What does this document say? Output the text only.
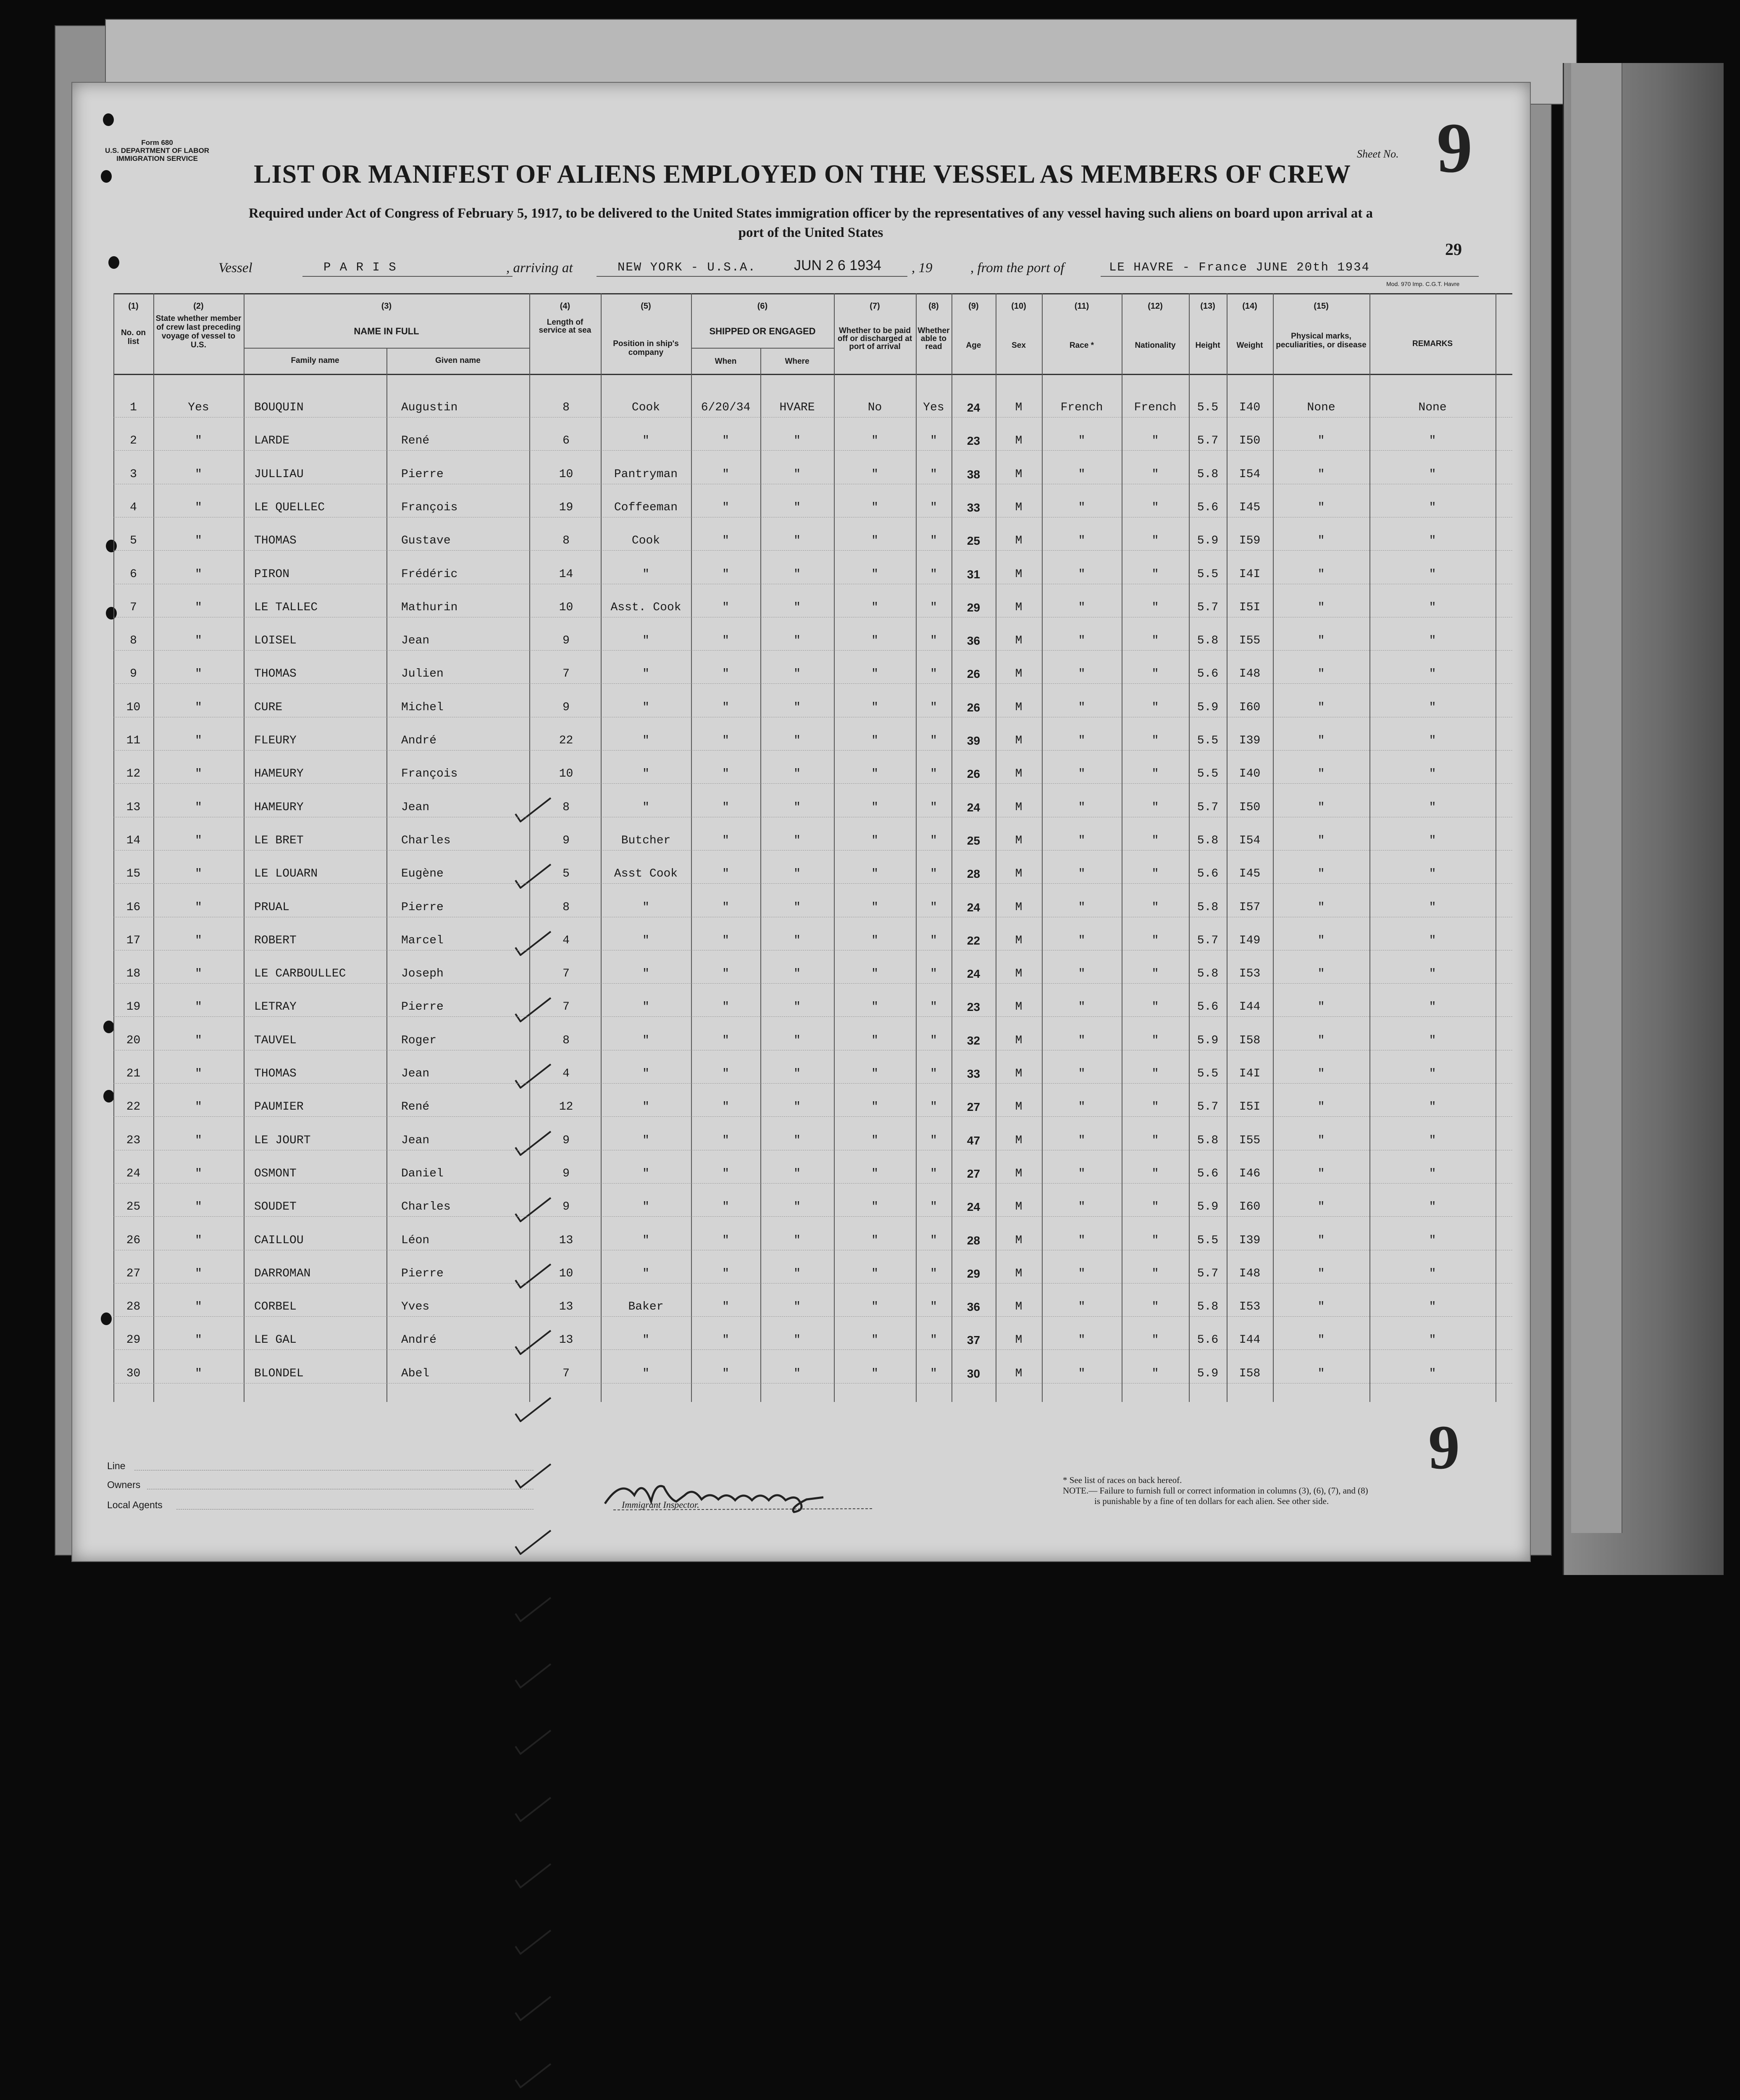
Form 680
U.S. DEPARTMENT OF LABOR
IMMIGRATION SERVICE	Sheet No. 9
LIST OR MANIFEST OF ALIENS EMPLOYED ON THE VESSEL AS MEMBERS OF CREW
Required under Act of Congress of February 5, 1917, to be delivered to the United States immigration officer by the representatives of any vessel having such aliens on board upon arrival at a
port of the United States
29
Vessel	P A R I S	, arriving at	NEW YORK - U.S.A.	JUN 2 6 1934 , 19	, from the port of	LE HAVRE - France JUNE 20th 1934
Mod. 970 Imp. C.G.T. Havre
(1)	(2)	(3)	(4)	(5)	(6)	(7)	(8)	(9)	(10)	(11)	(12)	(13)	(14)	(15)
No. on list
State whether member of crew last preceding voyage of vessel to U.S.
NAME IN FULL
Family name	Given name
Length of service at sea
Position in ship's company
SHIPPED OR ENGAGED
When	Where
Whether to be paid off or discharged at port of arrival
Whether able to read	Age	Sex	Race *	Nationality	Height	Weight
Physical marks, peculiarities, or disease	REMARKS
1	Yes	BOUQUIN	Augustin	8	Cook	6/20/34	HVARE	No	Yes	24	M	French	French	5.5	I40	None	None
2	"	LARDE	René	6	"	"	"	"	"	23	M	"	"	5.7	I50	"	"
3	"	JULLIAU	Pierre	10	Pantryman	"	"	"	"	38	M	"	"	5.8	I54	"	"
4	"	LE QUELLEC	François	19	Coffeeman	"	"	"	"	33	M	"	"	5.6	I45	"	"
5	"	THOMAS	Gustave	8	Cook	"	"	"	"	25	M	"	"	5.9	I59	"	"
6	"	PIRON	Frédéric	14	"	"	"	"	"	31	M	"	"	5.5	I4I	"	"
7	"	LE TALLEC	Mathurin	10	Asst. Cook	"	"	"	"	29	M	"	"	5.7	I5I	"	"
8	"	LOISEL	Jean	9	"	"	"	"	"	36	M	"	"	5.8	I55	"	"
9	"	THOMAS	Julien	7	"	"	"	"	"	26	M	"	"	5.6	I48	"	"
10	"	CURE	Michel	9	"	"	"	"	"	26	M	"	"	5.9	I60	"	"
11	"	FLEURY	André	22	"	"	"	"	"	39	M	"	"	5.5	I39	"	"
12	"	HAMEURY	François	10	"	"	"	"	"	26	M	"	"	5.5	I40	"	"
13	"	HAMEURY	Jean	8	"	"	"	"	"	24	M	"	"	5.7	I50	"	"
14	"	LE BRET	Charles	9	Butcher	"	"	"	"	25	M	"	"	5.8	I54	"	"
15	"	LE LOUARN	Eugène	5	Asst Cook	"	"	"	"	28	M	"	"	5.6	I45	"	"
16	"	PRUAL	Pierre	8	"	"	"	"	"	24	M	"	"	5.8	I57	"	"
17	"	ROBERT	Marcel	4	"	"	"	"	"	22	M	"	"	5.7	I49	"	"
18	"	LE CARBOULLEC	Joseph	7	"	"	"	"	"	24	M	"	"	5.8	I53	"	"
19	"	LETRAY	Pierre	7	"	"	"	"	"	23	M	"	"	5.6	I44	"	"
20	"	TAUVEL	Roger	8	"	"	"	"	"	32	M	"	"	5.9	I58	"	"
21	"	THOMAS	Jean	4	"	"	"	"	"	33	M	"	"	5.5	I4I	"	"
22	"	PAUMIER	René	12	"	"	"	"	"	27	M	"	"	5.7	I5I	"	"
23	"	LE JOURT	Jean	9	"	"	"	"	"	47	M	"	"	5.8	I55	"	"
24	"	OSMONT	Daniel	9	"	"	"	"	"	27	M	"	"	5.6	I46	"	"
25	"	SOUDET	Charles	9	"	"	"	"	"	24	M	"	"	5.9	I60	"	"
26	"	CAILLOU	Léon	13	"	"	"	"	"	28	M	"	"	5.5	I39	"	"
27	"	DARROMAN	Pierre	10	"	"	"	"	"	29	M	"	"	5.7	I48	"	"
28	"	CORBEL	Yves	13	Baker	"	"	"	"	36	M	"	"	5.8	I53	"	"
29	"	LE GAL	André	13	"	"	"	"	"	37	M	"	"	5.6	I44	"	"
30	"	BLONDEL	Abel	7	"	"	"	"	"	30	M	"	"	5.9	I58	"	"
Line
Owners
Local Agents	Immigrant Inspector.
* See list of races on back hereof.
NOTE.— Failure to furnish full or correct information in columns (3), (6), (7), and (8)
is punishable by a fine of ten dollars for each alien. See other side.
9
